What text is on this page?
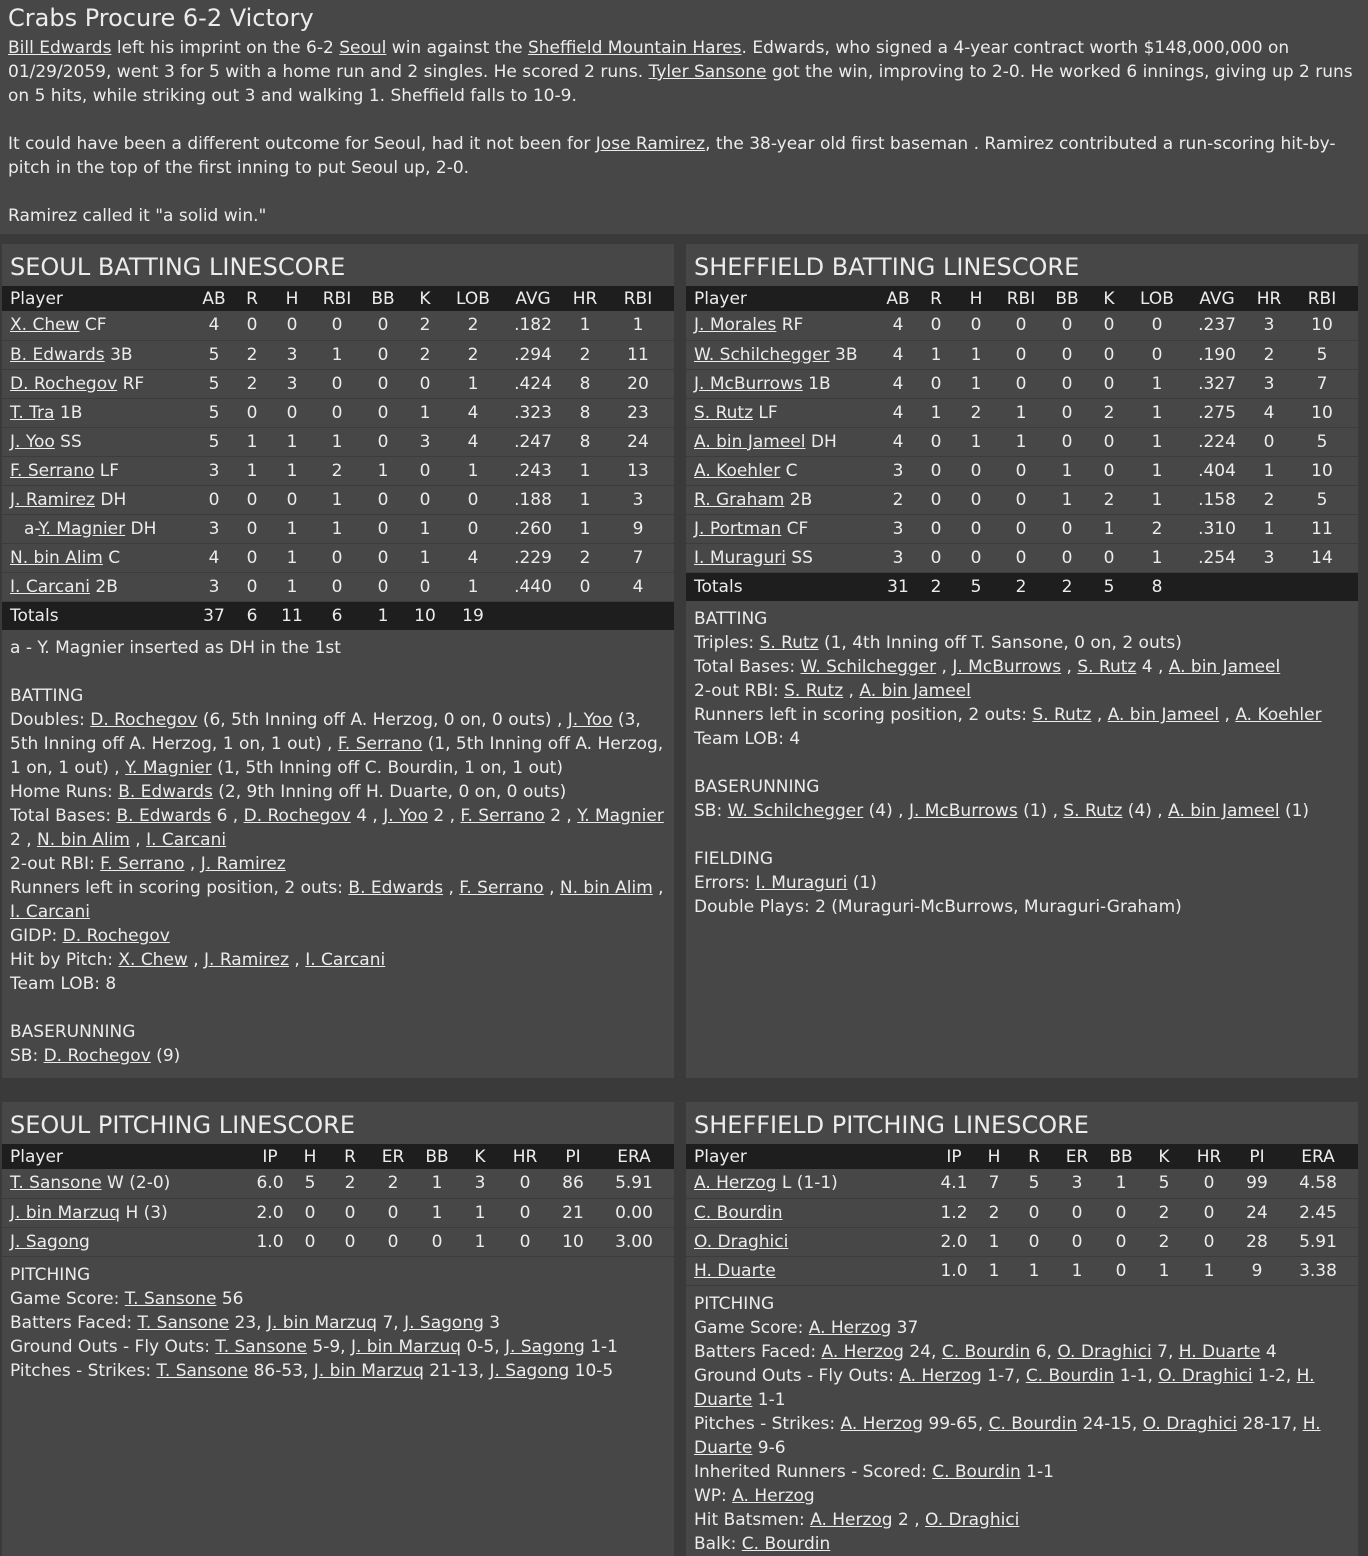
Crabs Procure 6-2 Victory

Bill Edwards left his imprint on the 6-2 Seoul win against the Sheffield Mountain Hares. Edwards, who signed a 4-year contract worth $148,000,000 on 01/29/2059, went 3 for 5 with a home run and 2 singles. He scored 2 runs. Tyler Sansone got the win, improving to 2-0. He worked 6 innings, giving up 2 runs on 5 hits, while striking out 3 and walking 1. Sheffield falls to 10-9.

It could have been a different outcome for Seoul, had it not been for Jose Ramirez, the 38-year old first baseman . Ramirez contributed a run-scoring hit-by-pitch in the top of the first inning to put Seoul up, 2-0.

Ramirez called it "a solid win."

SEOUL BATTING LINESCORE
Player	AB	R	H	RBI	BB	K	LOB	AVG	HR	RBI
X. Chew CF	4	0	0	0	0	2	2	.182	1	1
B. Edwards 3B	5	2	3	1	0	2	2	.294	2	11
D. Rochegov RF	5	2	3	0	0	0	1	.424	8	20
T. Tra 1B	5	0	0	0	0	1	4	.323	8	23
J. Yoo SS	5	1	1	1	0	3	4	.247	8	24
F. Serrano LF	3	1	1	2	1	0	1	.243	1	13
J. Ramirez DH	0	0	0	1	0	0	0	.188	1	3
a-Y. Magnier DH	3	0	1	1	0	1	0	.260	1	9
N. bin Alim C	4	0	1	0	0	1	4	.229	2	7
I. Carcani 2B	3	0	1	0	0	0	1	.440	0	4
Totals	37	6	11	6	1	10	19			
a - Y. Magnier inserted as DH in the 1st
BATTING
Doubles: D. Rochegov (6, 5th Inning off A. Herzog, 0 on, 0 outs) , J. Yoo (3, 5th Inning off A. Herzog, 1 on, 1 out) , F. Serrano (1, 5th Inning off A. Herzog, 1 on, 1 out) , Y. Magnier (1, 5th Inning off C. Bourdin, 1 on, 1 out)
Home Runs: B. Edwards (2, 9th Inning off H. Duarte, 0 on, 0 outs)
Total Bases: B. Edwards 6 , D. Rochegov 4 , J. Yoo 2 , F. Serrano 2 , Y. Magnier 2 , N. bin Alim , I. Carcani
2-out RBI: F. Serrano , J. Ramirez
Runners left in scoring position, 2 outs: B. Edwards , F. Serrano , N. bin Alim , I. Carcani
GIDP: D. Rochegov
Hit by Pitch: X. Chew , J. Ramirez , I. Carcani
Team LOB: 8
BASERUNNING
SB: D. Rochegov (9)
SHEFFIELD BATTING LINESCORE
Player	AB	R	H	RBI	BB	K	LOB	AVG	HR	RBI
J. Morales RF	4	0	0	0	0	0	0	.237	3	10
W. Schilchegger 3B	4	1	1	0	0	0	0	.190	2	5
J. McBurrows 1B	4	0	1	0	0	0	1	.327	3	7
S. Rutz LF	4	1	2	1	0	2	1	.275	4	10
A. bin Jameel DH	4	0	1	1	0	0	1	.224	0	5
A. Koehler C	3	0	0	0	1	0	1	.404	1	10
R. Graham 2B	2	0	0	0	1	2	1	.158	2	5
J. Portman CF	3	0	0	0	0	1	2	.310	1	11
I. Muraguri SS	3	0	0	0	0	0	1	.254	3	14
Totals	31	2	5	2	2	5	8			
BATTING
Triples: S. Rutz (1, 4th Inning off T. Sansone, 0 on, 2 outs)
Total Bases: W. Schilchegger , J. McBurrows , S. Rutz 4 , A. bin Jameel
2-out RBI: S. Rutz , A. bin Jameel
Runners left in scoring position, 2 outs: S. Rutz , A. bin Jameel , A. Koehler
Team LOB: 4
BASERUNNING
SB: W. Schilchegger (4) , J. McBurrows (1) , S. Rutz (4) , A. bin Jameel (1)
FIELDING
Errors: I. Muraguri (1)
Double Plays: 2 (Muraguri-McBurrows, Muraguri-Graham)
SEOUL PITCHING LINESCORE
Player	IP	H	R	ER	BB	K	HR	PI	ERA
T. Sansone W (2-0)	6.0	5	2	2	1	3	0	86	5.91
J. bin Marzuq H (3)	2.0	0	0	0	1	1	0	21	0.00
J. Sagong	1.0	0	0	0	0	1	0	10	3.00
PITCHING
Game Score: T. Sansone 56
Batters Faced: T. Sansone 23, J. bin Marzuq 7, J. Sagong 3
Ground Outs - Fly Outs: T. Sansone 5-9, J. bin Marzuq 0-5, J. Sagong 1-1
Pitches - Strikes: T. Sansone 86-53, J. bin Marzuq 21-13, J. Sagong 10-5
SHEFFIELD PITCHING LINESCORE
Player	IP	H	R	ER	BB	K	HR	PI	ERA
A. Herzog L (1-1)	4.1	7	5	3	1	5	0	99	4.58
C. Bourdin	1.2	2	0	0	0	2	0	24	2.45
O. Draghici	2.0	1	0	0	0	2	0	28	5.91
H. Duarte	1.0	1	1	1	0	1	1	9	3.38
PITCHING
Game Score: A. Herzog 37
Batters Faced: A. Herzog 24, C. Bourdin 6, O. Draghici 7, H. Duarte 4
Ground Outs - Fly Outs: A. Herzog 1-7, C. Bourdin 1-1, O. Draghici 1-2, H. Duarte 1-1
Pitches - Strikes: A. Herzog 99-65, C. Bourdin 24-15, O. Draghici 28-17, H. Duarte 9-6
Inherited Runners - Scored: C. Bourdin 1-1
WP: A. Herzog
Hit Batsmen: A. Herzog 2 , O. Draghici
Balk: C. Bourdin
